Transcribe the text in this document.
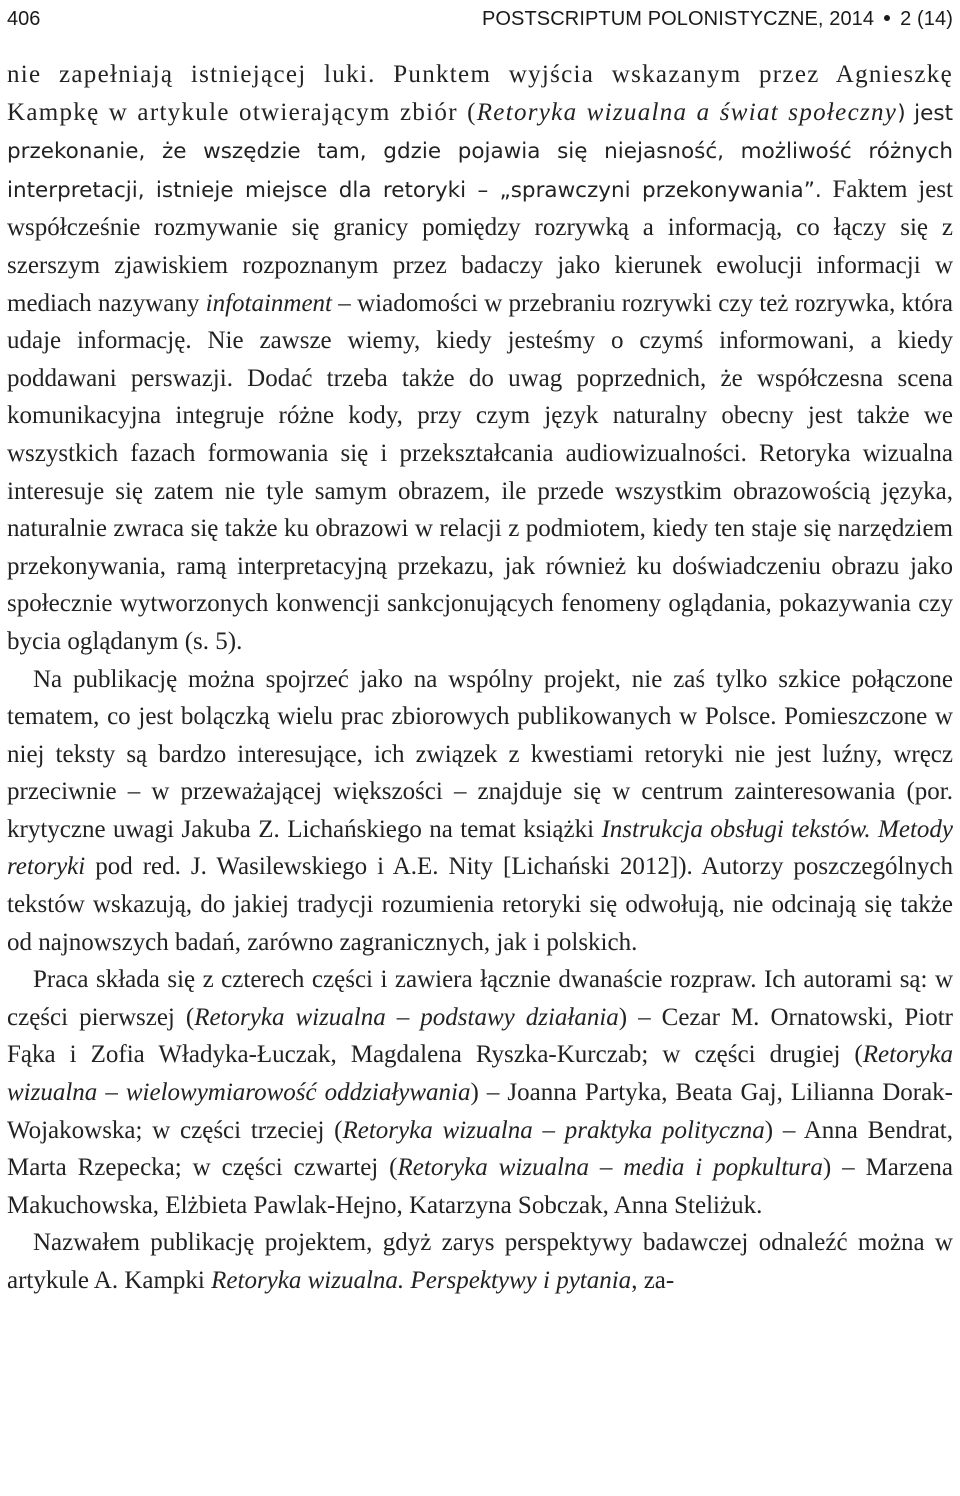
406	POSTSCRIPTUM POLONISTYCZNE, 2014 2 (14)

nie zapełniają istniejącej luki. Punktem wyjścia wskazanym przez Agnieszkę Kampkę w artykule otwierającym zbiór (Retoryka wizualna a świat społeczny) jest przekonanie, że wszędzie tam, gdzie pojawia się niejasność, możliwość różnych interpretacji, istnieje miejsce dla retoryki – „sprawczyni przekonywania”. Faktem jest współcześnie rozmywanie się granicy pomiędzy rozrywką a informacją, co łączy się z szerszym zjawiskiem rozpoznanym przez badaczy jako kierunek ewolucji informacji w mediach nazywany infotainment – wiadomości w przebraniu rozrywki czy też rozrywka, która udaje informację. Nie zawsze wiemy, kiedy jesteśmy o czymś informowani, a kiedy poddawani perswazji. Dodać trzeba także do uwag poprzednich, że współczesna scena komunikacyjna integruje różne kody, przy czym język naturalny obecny jest także we wszystkich fazach formowania się i przekształcania audiowizualności. Retoryka wizualna interesuje się zatem nie tyle samym obrazem, ile przede wszystkim obrazowością języka, naturalnie zwraca się także ku obrazowi w relacji z podmiotem, kiedy ten staje się narzędziem przekonywania, ramą interpretacyjną przekazu, jak również ku doświadczeniu obrazu jako społecznie wytworzonych konwencji sankcjonujących fenomeny oglądania, pokazywania czy bycia oglądanym (s. 5).

Na publikację można spojrzeć jako na wspólny projekt, nie zaś tylko szkice połączone tematem, co jest bolączką wielu prac zbiorowych publikowanych w Polsce. Pomieszczone w niej teksty są bardzo interesujące, ich związek z kwestiami retoryki nie jest luźny, wręcz przeciwnie – w przeważającej większości – znajduje się w centrum zainteresowania (por. krytyczne uwagi Jakuba Z. Lichańskiego na temat książki Instrukcja obsługi tekstów. Metody retoryki pod red. J. Wasilewskiego i A.E. Nity [Lichański 2012]). Autorzy poszczególnych tekstów wskazują, do jakiej tradycji rozumienia retoryki się odwołują, nie odcinają się także od najnowszych badań, zarówno zagranicznych, jak i polskich.

Praca składa się z czterech części i zawiera łącznie dwanaście rozpraw. Ich autorami są: w części pierwszej (Retoryka wizualna – podstawy działania) – Cezar M. Ornatowski, Piotr Fąka i Zofia Władyka-Łuczak, Magdalena Ryszka-Kurczab; w części drugiej (Retoryka wizualna – wielowymiarowość oddziaływania) – Joanna Partyka, Beata Gaj, Lilianna Dorak-Wojakowska; w części trzeciej (Retoryka wizualna – praktyka polityczna) – Anna Bendrat, Marta Rzepecka; w części czwartej (Retoryka wizualna – media i popkultura) – Marzena Makuchowska, Elżbieta Pawlak-Hejno, Katarzyna Sobczak, Anna Steliżuk.

Nazwałem publikację projektem, gdyż zarys perspektywy badawczej odnaleźć można w artykule A. Kampki Retoryka wizualna. Perspektywy i pytania, za-
